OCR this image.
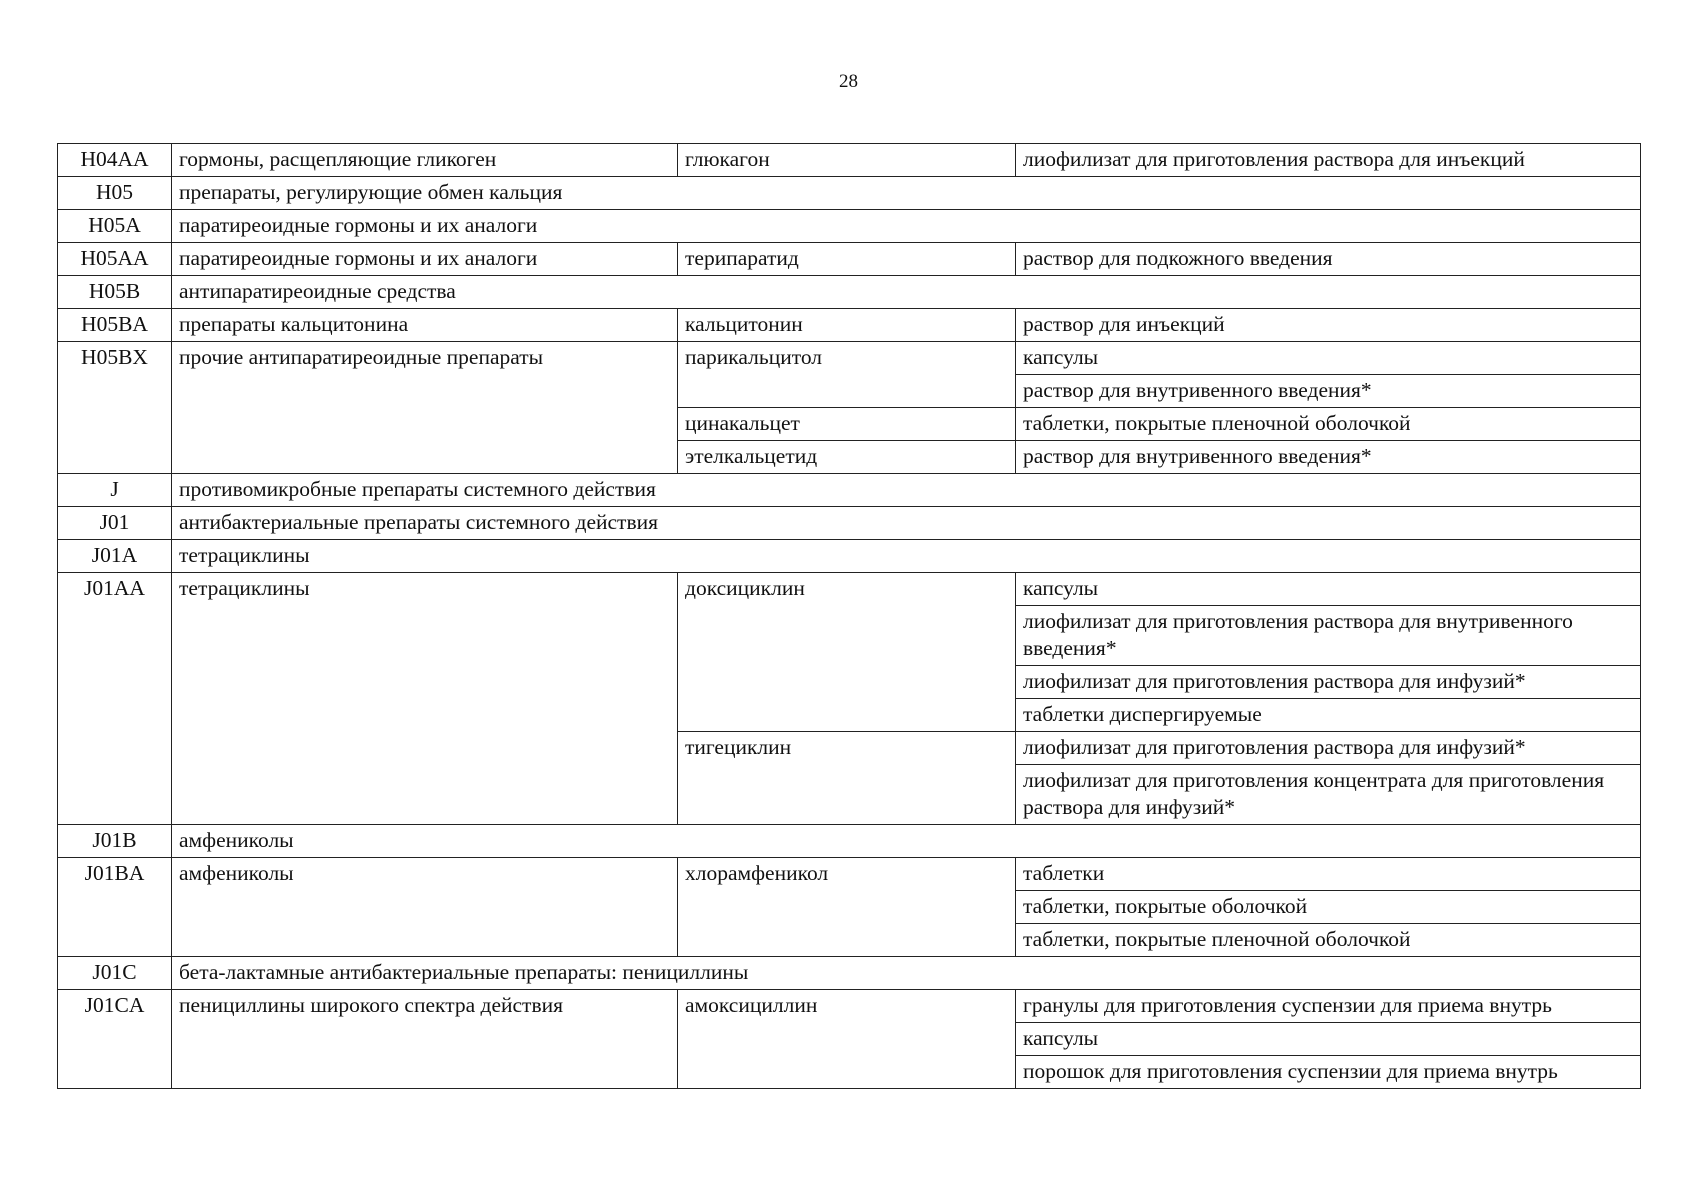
28
H04AA	гормоны, расщепляющие гликоген	глюкагон	лиофилизат для приготовления раствора для инъекций
H05	препараты, регулирующие обмен кальция		
H05A	паратиреоидные гормоны и их аналоги		
H05AA	паратиреоидные гормоны и их аналоги	терипаратид	раствор для подкожного введения
H05B	антипаратиреоидные средства		
H05BA	препараты кальцитонина	кальцитонин	раствор для инъекций
H05BX	прочие антипаратиреоидные препараты	парикальцитол	капсулы
			раствор для внутривенного введения*
		цинакальцет	таблетки, покрытые пленочной оболочкой
		этелкальцетид	раствор для внутривенного введения*
J	противомикробные препараты системного действия		
J01	антибактериальные препараты системного действия		
J01A	тетрациклины		
J01AA	тетрациклины	доксициклин	капсулы
			лиофилизат для приготовления раствора для внутривенного введения*
			лиофилизат для приготовления раствора для инфузий*
			таблетки диспергируемые
		тигециклин	лиофилизат для приготовления раствора для инфузий*
			лиофилизат для приготовления концентрата для приготовления раствора для инфузий*
J01B	амфениколы		
J01BA	амфениколы	хлорамфеникол	таблетки
			таблетки, покрытые оболочкой
			таблетки, покрытые пленочной оболочкой
J01C	бета-лактамные антибактериальные препараты: пенициллины		
J01CA	пенициллины широкого спектра действия	амоксициллин	гранулы для приготовления суспензии для приема внутрь
			капсулы
			порошок для приготовления суспензии для приема внутрь
